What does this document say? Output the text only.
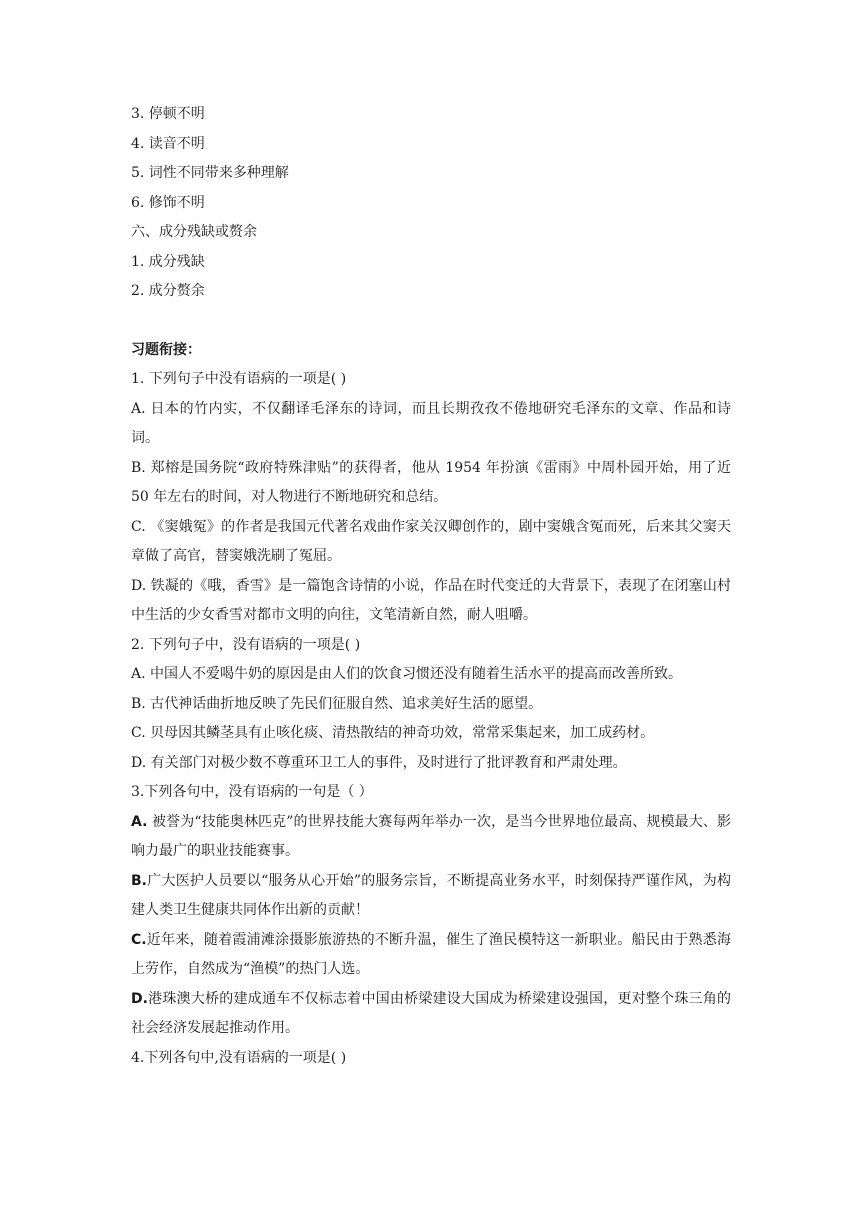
3. 停顿不明

4. 读音不明

5. 词性不同带来多种理解

6. 修饰不明

六、成分残缺或赘余

1. 成分残缺

2. 成分赘余

习题衔接：

1. 下列句子中没有语病的一项是( )

A. 日本的竹内实，不仅翻译毛泽东的诗词，而且长期孜孜不倦地研究毛泽东的文章、作品和诗词。

B. 郑榕是国务院“政府特殊津贴”的获得者，他从 1954 年扮演《雷雨》中周朴园开始，用了近 50 年左右的时间，对人物进行不断地研究和总结。

C. 《窦娥冤》的作者是我国元代著名戏曲作家关汉卿创作的，剧中窦娥含冤而死，后来其父窦天章做了高官，替窦娥洗刷了冤屈。

D. 铁凝的《哦，香雪》是一篇饱含诗情的小说，作品在时代变迁的大背景下，表现了在闭塞山村中生活的少女香雪对都市文明的向往，文笔清新自然，耐人咀嚼。

2. 下列句子中，没有语病的一项是( )

A. 中国人不爱喝牛奶的原因是由人们的饮食习惯还没有随着生活水平的提高而改善所致。

B. 古代神话曲折地反映了先民们征服自然、追求美好生活的愿望。

C. 贝母因其鳞茎具有止咳化痰、清热散结的神奇功效，常常采集起来，加工成药材。

D. 有关部门对极少数不尊重环卫工人的事件，及时进行了批评教育和严肃处理。

3.下列各句中，没有语病的一句是（ ）

A. 被誉为“技能奥林匹克”的世界技能大赛每两年举办一次，是当今世界地位最高、规模最大、影响力最广的职业技能赛事。

B.广大医护人员要以“服务从心开始”的服务宗旨，不断提高业务水平，时刻保持严谨作风，为构建人类卫生健康共同体作出新的贡献！

C.近年来，随着霞浦滩涂摄影旅游热的不断升温，催生了渔民模特这一新职业。船民由于熟悉海上劳作，自然成为“渔模”的热门人选。

D.港珠澳大桥的建成通车不仅标志着中国由桥梁建设大国成为桥梁建设强国，更对整个珠三角的社会经济发展起推动作用。

4.下列各句中,没有语病的一项是( )
